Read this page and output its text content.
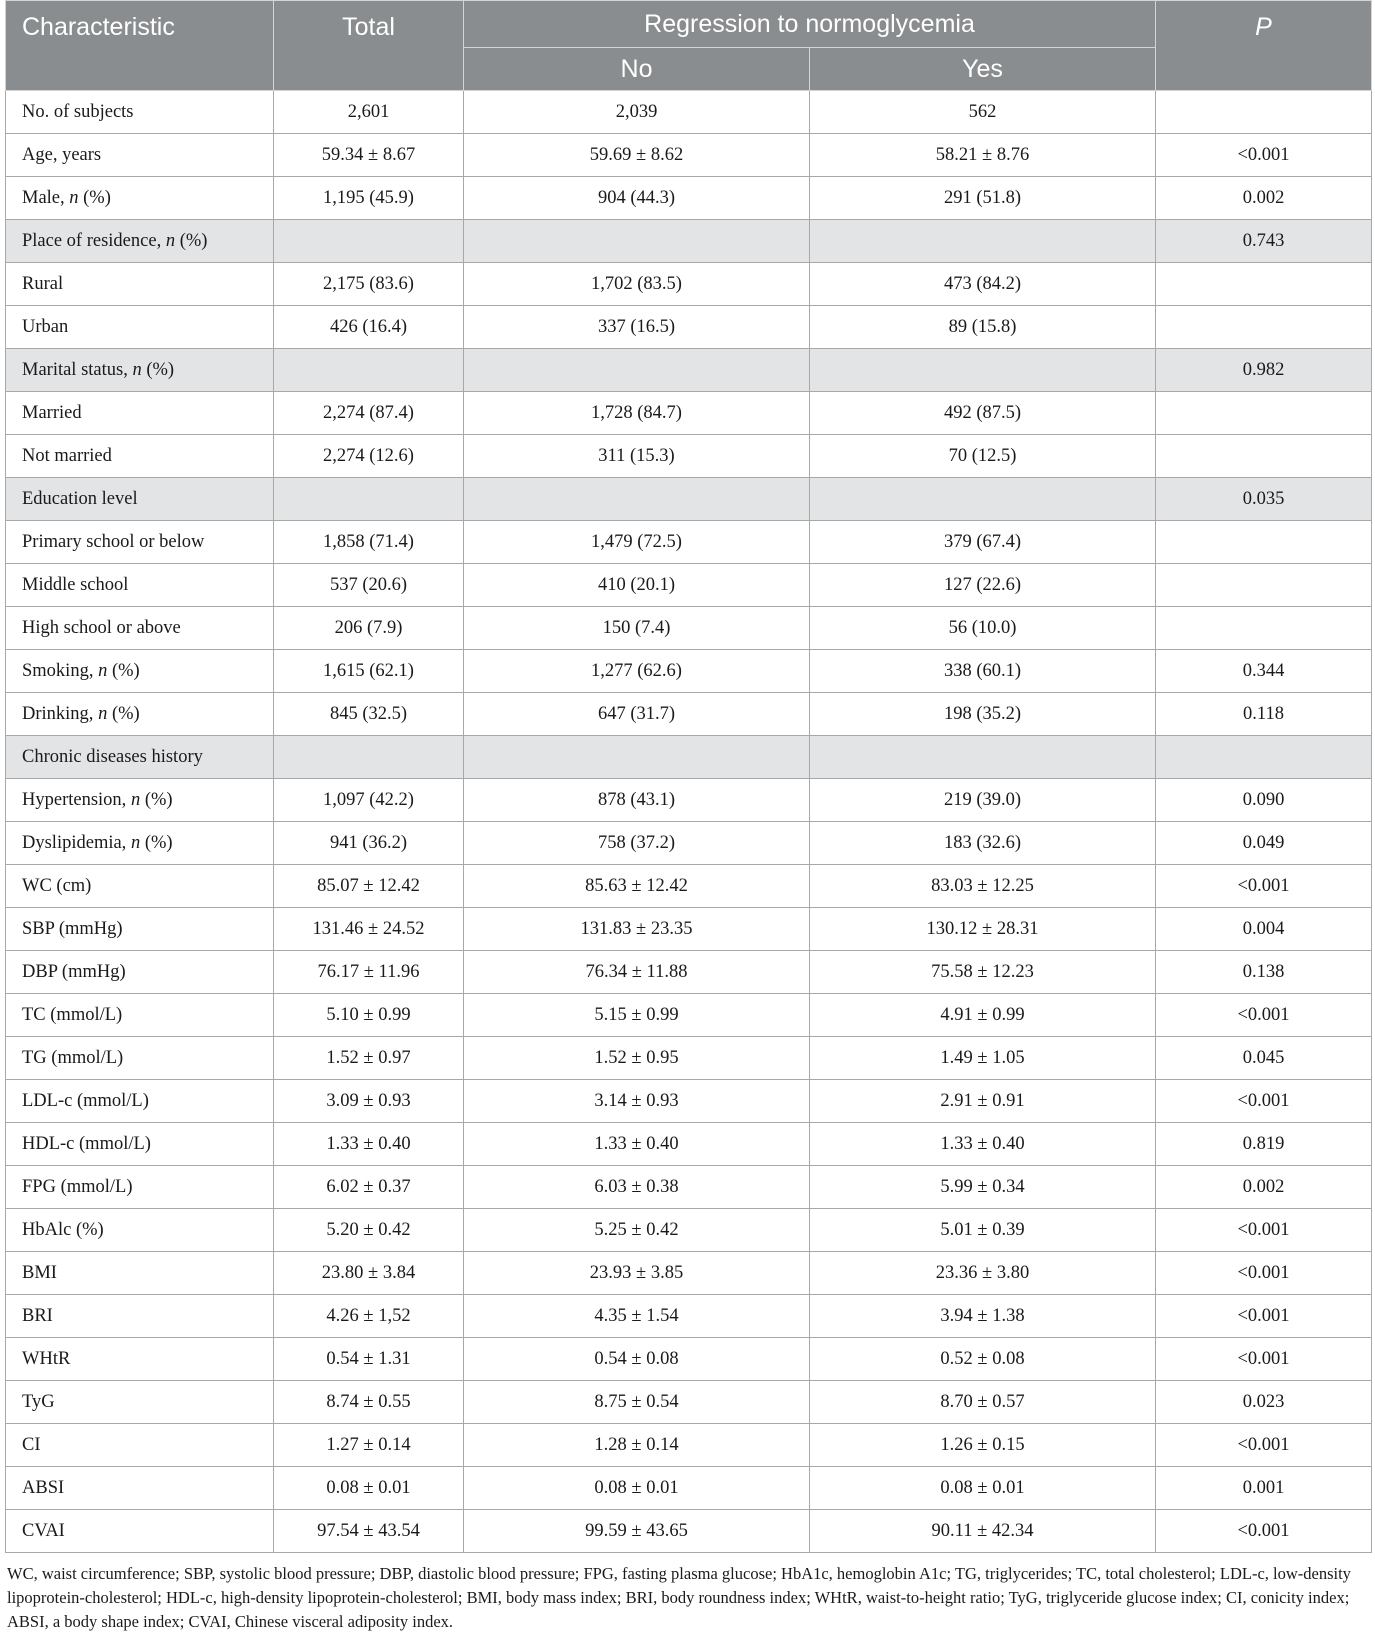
Characteristic	Total	Regression to normoglycemia		P
		No	Yes	
No. of subjects	2,601	2,039	562	
Age, years	59.34 ± 8.67	59.69 ± 8.62	58.21 ± 8.76	<0.001
Male, n (%)	1,195 (45.9)	904 (44.3)	291 (51.8)	0.002
Place of residence, n (%)				0.743
Rural	2,175 (83.6)	1,702 (83.5)	473 (84.2)	
Urban	426 (16.4)	337 (16.5)	89 (15.8)	
Marital status, n (%)				0.982
Married	2,274 (87.4)	1,728 (84.7)	492 (87.5)	
Not married	2,274 (12.6)	311 (15.3)	70 (12.5)	
Education level				0.035
Primary school or below	1,858 (71.4)	1,479 (72.5)	379 (67.4)	
Middle school	537 (20.6)	410 (20.1)	127 (22.6)	
High school or above	206 (7.9)	150 (7.4)	56 (10.0)	
Smoking, n (%)	1,615 (62.1)	1,277 (62.6)	338 (60.1)	0.344
Drinking, n (%)	845 (32.5)	647 (31.7)	198 (35.2)	0.118
Chronic diseases history				
Hypertension, n (%)	1,097 (42.2)	878 (43.1)	219 (39.0)	0.090
Dyslipidemia, n (%)	941 (36.2)	758 (37.2)	183 (32.6)	0.049
WC (cm)	85.07 ± 12.42	85.63 ± 12.42	83.03 ± 12.25	<0.001
SBP (mmHg)	131.46 ± 24.52	131.83 ± 23.35	130.12 ± 28.31	0.004
DBP (mmHg)	76.17 ± 11.96	76.34 ± 11.88	75.58 ± 12.23	0.138
TC (mmol/L)	5.10 ± 0.99	5.15 ± 0.99	4.91 ± 0.99	<0.001
TG (mmol/L)	1.52 ± 0.97	1.52 ± 0.95	1.49 ± 1.05	0.045
LDL-c (mmol/L)	3.09 ± 0.93	3.14 ± 0.93	2.91 ± 0.91	<0.001
HDL-c (mmol/L)	1.33 ± 0.40	1.33 ± 0.40	1.33 ± 0.40	0.819
FPG (mmol/L)	6.02 ± 0.37	6.03 ± 0.38	5.99 ± 0.34	0.002
HbAlc (%)	5.20 ± 0.42	5.25 ± 0.42	5.01 ± 0.39	<0.001
BMI	23.80 ± 3.84	23.93 ± 3.85	23.36 ± 3.80	<0.001
BRI	4.26 ± 1,52	4.35 ± 1.54	3.94 ± 1.38	<0.001
WHtR	0.54 ± 1.31	0.54 ± 0.08	0.52 ± 0.08	<0.001
TyG	8.74 ± 0.55	8.75 ± 0.54	8.70 ± 0.57	0.023
CI	1.27 ± 0.14	1.28 ± 0.14	1.26 ± 0.15	<0.001
ABSI	0.08 ± 0.01	0.08 ± 0.01	0.08 ± 0.01	0.001
CVAI	97.54 ± 43.54	99.59 ± 43.65	90.11 ± 42.34	<0.001
WC, waist circumference; SBP, systolic blood pressure; DBP, diastolic blood pressure; FPG, fasting plasma glucose; HbA1c, hemoglobin A1c; TG, triglycerides; TC, total cholesterol; LDL-c, low-density lipoprotein-cholesterol; HDL-c, high-density lipoprotein-cholesterol; BMI, body mass index; BRI, body roundness index; WHtR, waist-to-height ratio; TyG, triglyceride glucose index; CI, conicity index; ABSI, a body shape index; CVAI, Chinese visceral adiposity index.
